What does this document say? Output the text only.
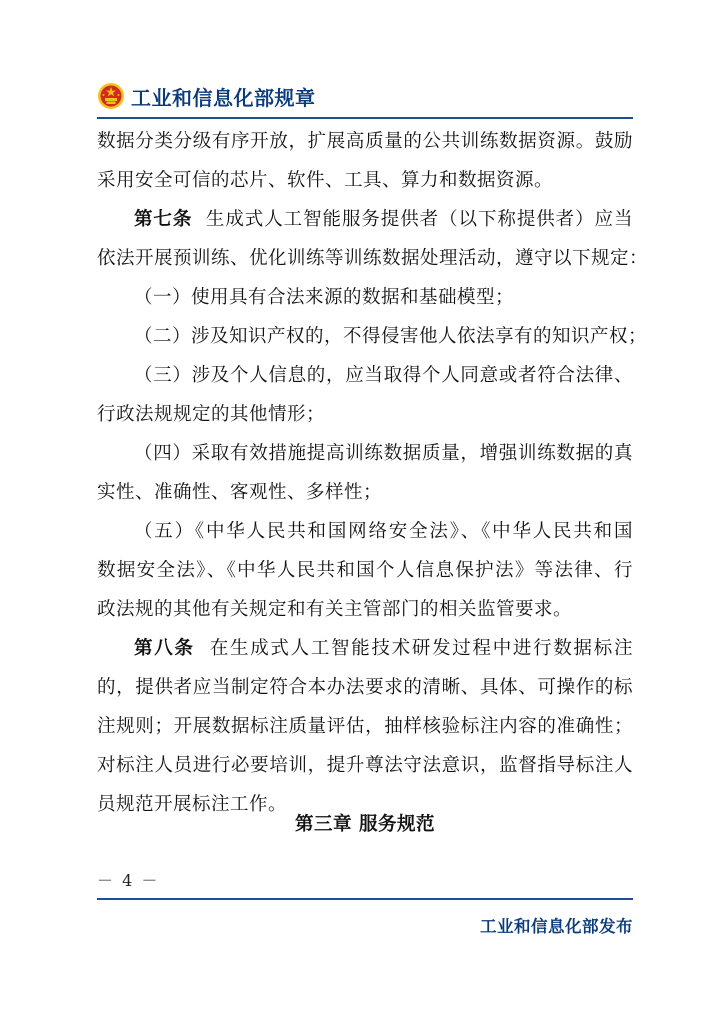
工业和信息化部规章
数据分类分级有序开放，扩展高质量的公共训练数据资源。鼓励
采用安全可信的芯片、软件、工具、算力和数据资源。
第七条 生成式人工智能服务提供者（以下称提供者）应当
依法开展预训练、优化训练等训练数据处理活动，遵守以下规定：
（一）使用具有合法来源的数据和基础模型；
（二）涉及知识产权的，不得侵害他人依法享有的知识产权；
（三）涉及个人信息的，应当取得个人同意或者符合法律、
行政法规规定的其他情形；
（四）采取有效措施提高训练数据质量，增强训练数据的真
实性、准确性、客观性、多样性；
（五）《中华人民共和国网络安全法》、《中华人民共和国
数据安全法》、《中华人民共和国个人信息保护法》等法律、行
政法规的其他有关规定和有关主管部门的相关监管要求。
第八条 在生成式人工智能技术研发过程中进行数据标注
的，提供者应当制定符合本办法要求的清晰、具体、可操作的标
注规则；开展数据标注质量评估，抽样核验标注内容的准确性；
对标注人员进行必要培训，提升尊法守法意识，监督指导标注人
员规范开展标注工作。
第三章 服务规范
－ 4 －
工业和信息化部发布
